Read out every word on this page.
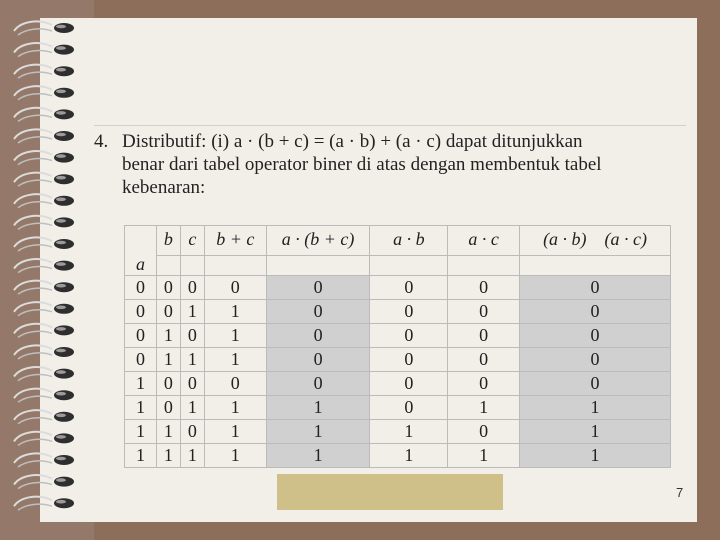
4. Distributif: (i) a · (b + c) = (a · b) + (a · c) dapat ditunjukkan
benar dari tabel operator biner di atas dengan membentuk tabel
kebenaran:
a	b	c	b + c	a · (b + c)	a · b	a · c	(a · b)    (a · c)

0	0	0	0	0	0	0	0
0	0	1	1	0	0	0	0
0	1	0	1	0	0	0	0
0	1	1	1	0	0	0	0
1	0	0	0	0	0	0	0
1	0	1	1	1	0	1	1
1	1	0	1	1	1	0	1
1	1	1	1	1	1	1	1
7
